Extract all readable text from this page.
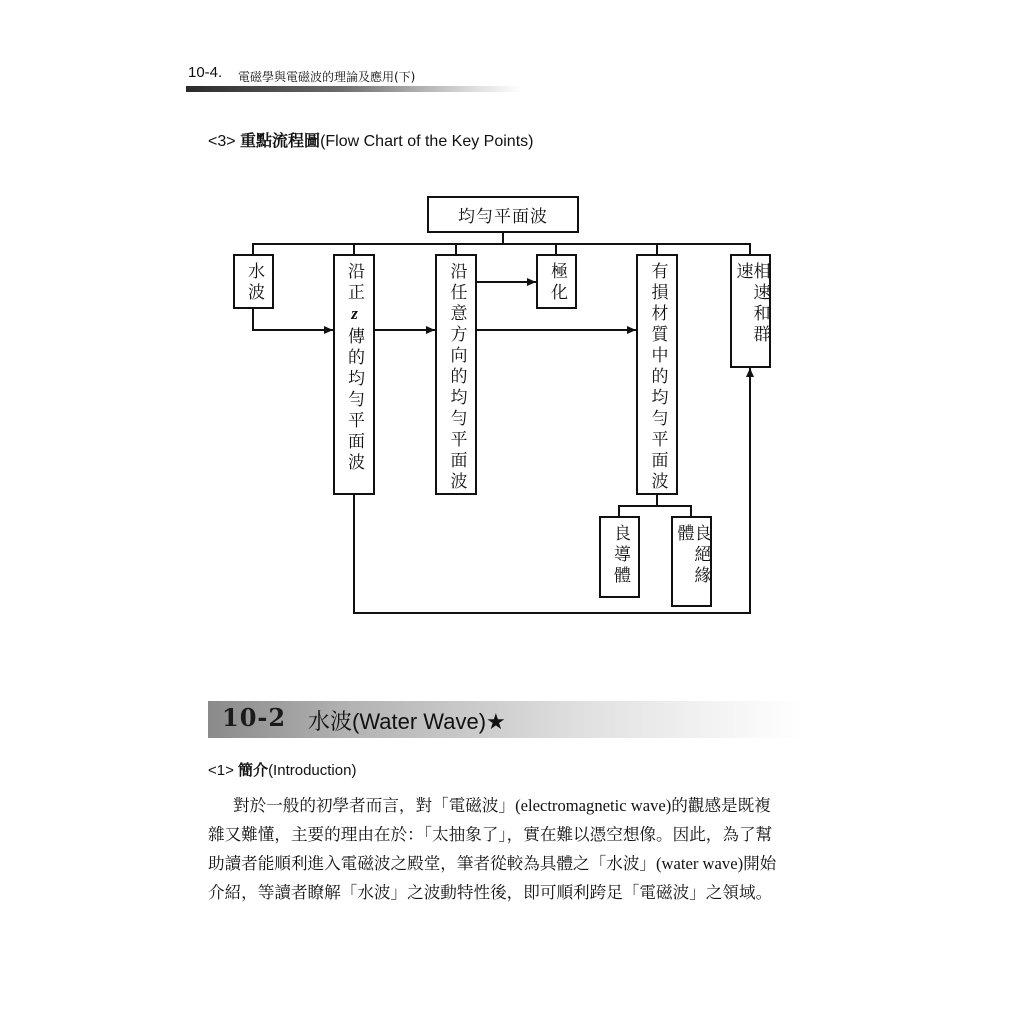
10-4. 電磁學與電磁波的理論及應用(下)
<3> 重點流程圖(Flow Chart of the Key Points)
均勻平面波
水波	沿正z傳的均勻平面波	沿任意方向的均勻平面波	極化	有損材質中的均勻平面波	相速和群速
良導體	良絕緣體
10-2 水波(Water Wave)★
<1> 簡介(Introduction)
對於一般的初學者而言，對「電磁波」(electromagnetic wave)的觀感是既複
雜又難懂，主要的理由在於：「太抽象了」，實在難以憑空想像。因此，為了幫
助讀者能順利進入電磁波之殿堂，筆者從較為具體之「水波」(water wave)開始
介紹，等讀者瞭解「水波」之波動特性後，即可順利跨足「電磁波」之領域。
